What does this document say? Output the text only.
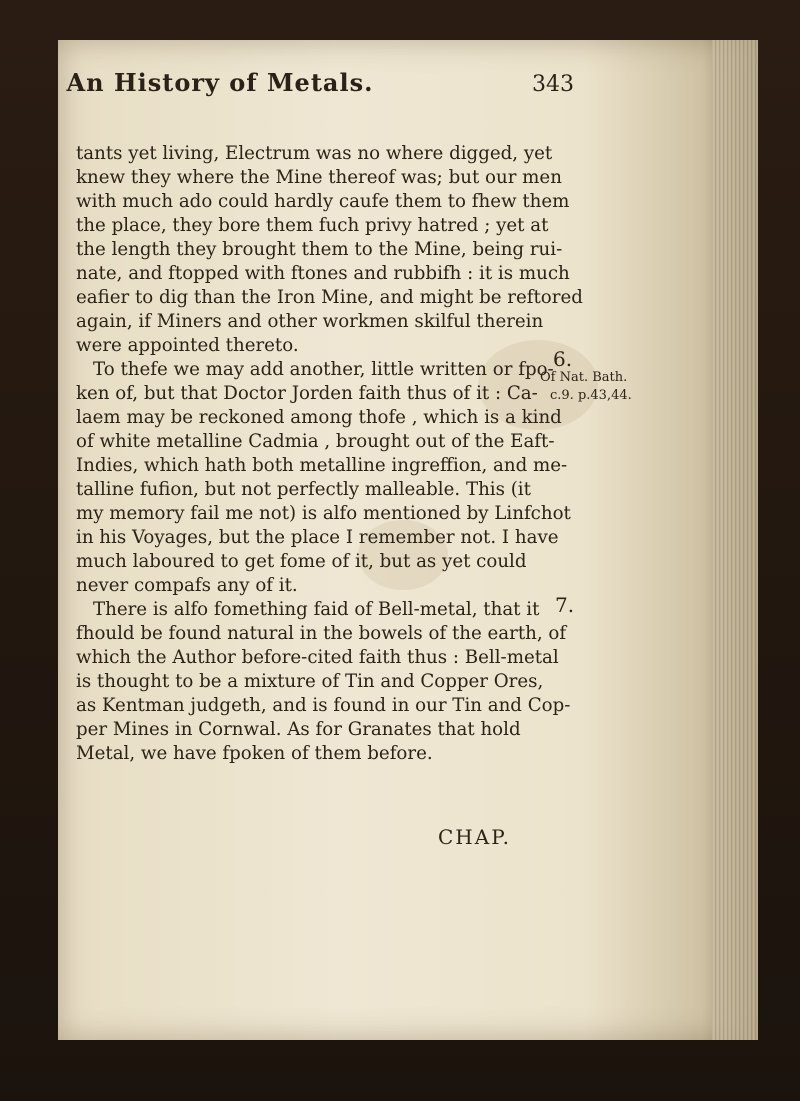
An History of Metals.	343
tants yet living, Electrum was no where digged, yet
knew they where the Mine thereof was; but our men
with much ado could hardly caufe them to fhew them
the place, they bore them fuch privy hatred ; yet at
the length they brought them to the Mine, being rui-
nate, and ftopped with ftones and rubbifh : it is much
eafier to dig than the Iron Mine, and might be reftored
again, if Miners and other workmen skilful therein
were appointed thereto.
To thefe we may add another, little written or fpo-
ken of, but that Doctor Jorden faith thus of it : Ca-
laem may be reckoned among thofe , which is a kind
of white metalline Cadmia , brought out of the Eaft-
Indies, which hath both metalline ingreffion, and me-
talline fufion, but not perfectly malleable. This (it
my memory fail me not) is alfo mentioned by Linfchot
in his Voyages, but the place I remember not. I have
much laboured to get fome of it, but as yet could
never compafs any of it.
There is alfo fomething faid of Bell-metal, that it
fhould be found natural in the bowels of the earth, of
which the Author before-cited faith thus : Bell-metal
is thought to be a mixture of Tin and Copper Ores,
as Kentman judgeth, and is found in our Tin and Cop-
per Mines in Cornwal. As for Granates that hold
Metal, we have fpoken of them before.
6.
Of Nat. Bath.
c.9. p.43,44.
7.
CHAP.
